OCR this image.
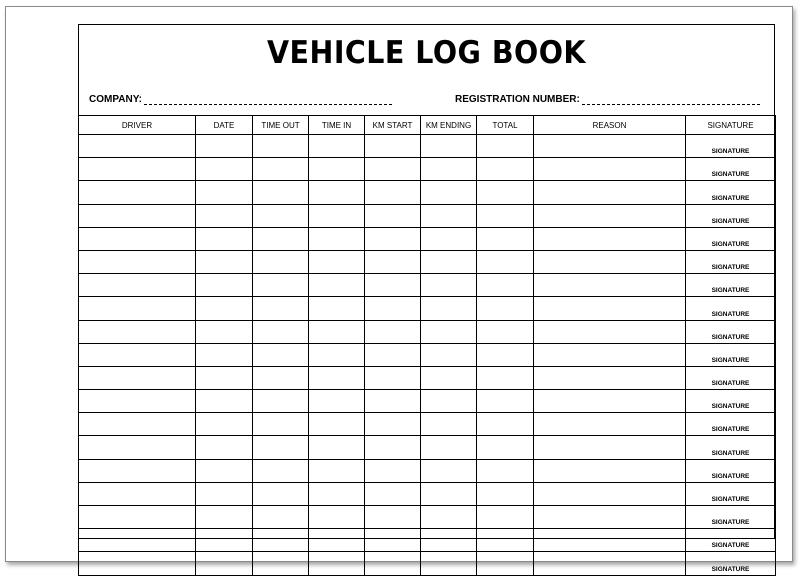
VEHICLE LOG BOOK
COMPANY:	REGISTRATION NUMBER:
DRIVER	DATE	TIME OUT	TIME IN	KM START	KM ENDING	TOTAL	REASON	SIGNATURE
								SIGNATURE
								SIGNATURE
								SIGNATURE
								SIGNATURE
								SIGNATURE
								SIGNATURE
								SIGNATURE
								SIGNATURE
								SIGNATURE
								SIGNATURE
								SIGNATURE
								SIGNATURE
								SIGNATURE
								SIGNATURE
								SIGNATURE
								SIGNATURE
								SIGNATURE
								SIGNATURE
								SIGNATURE
